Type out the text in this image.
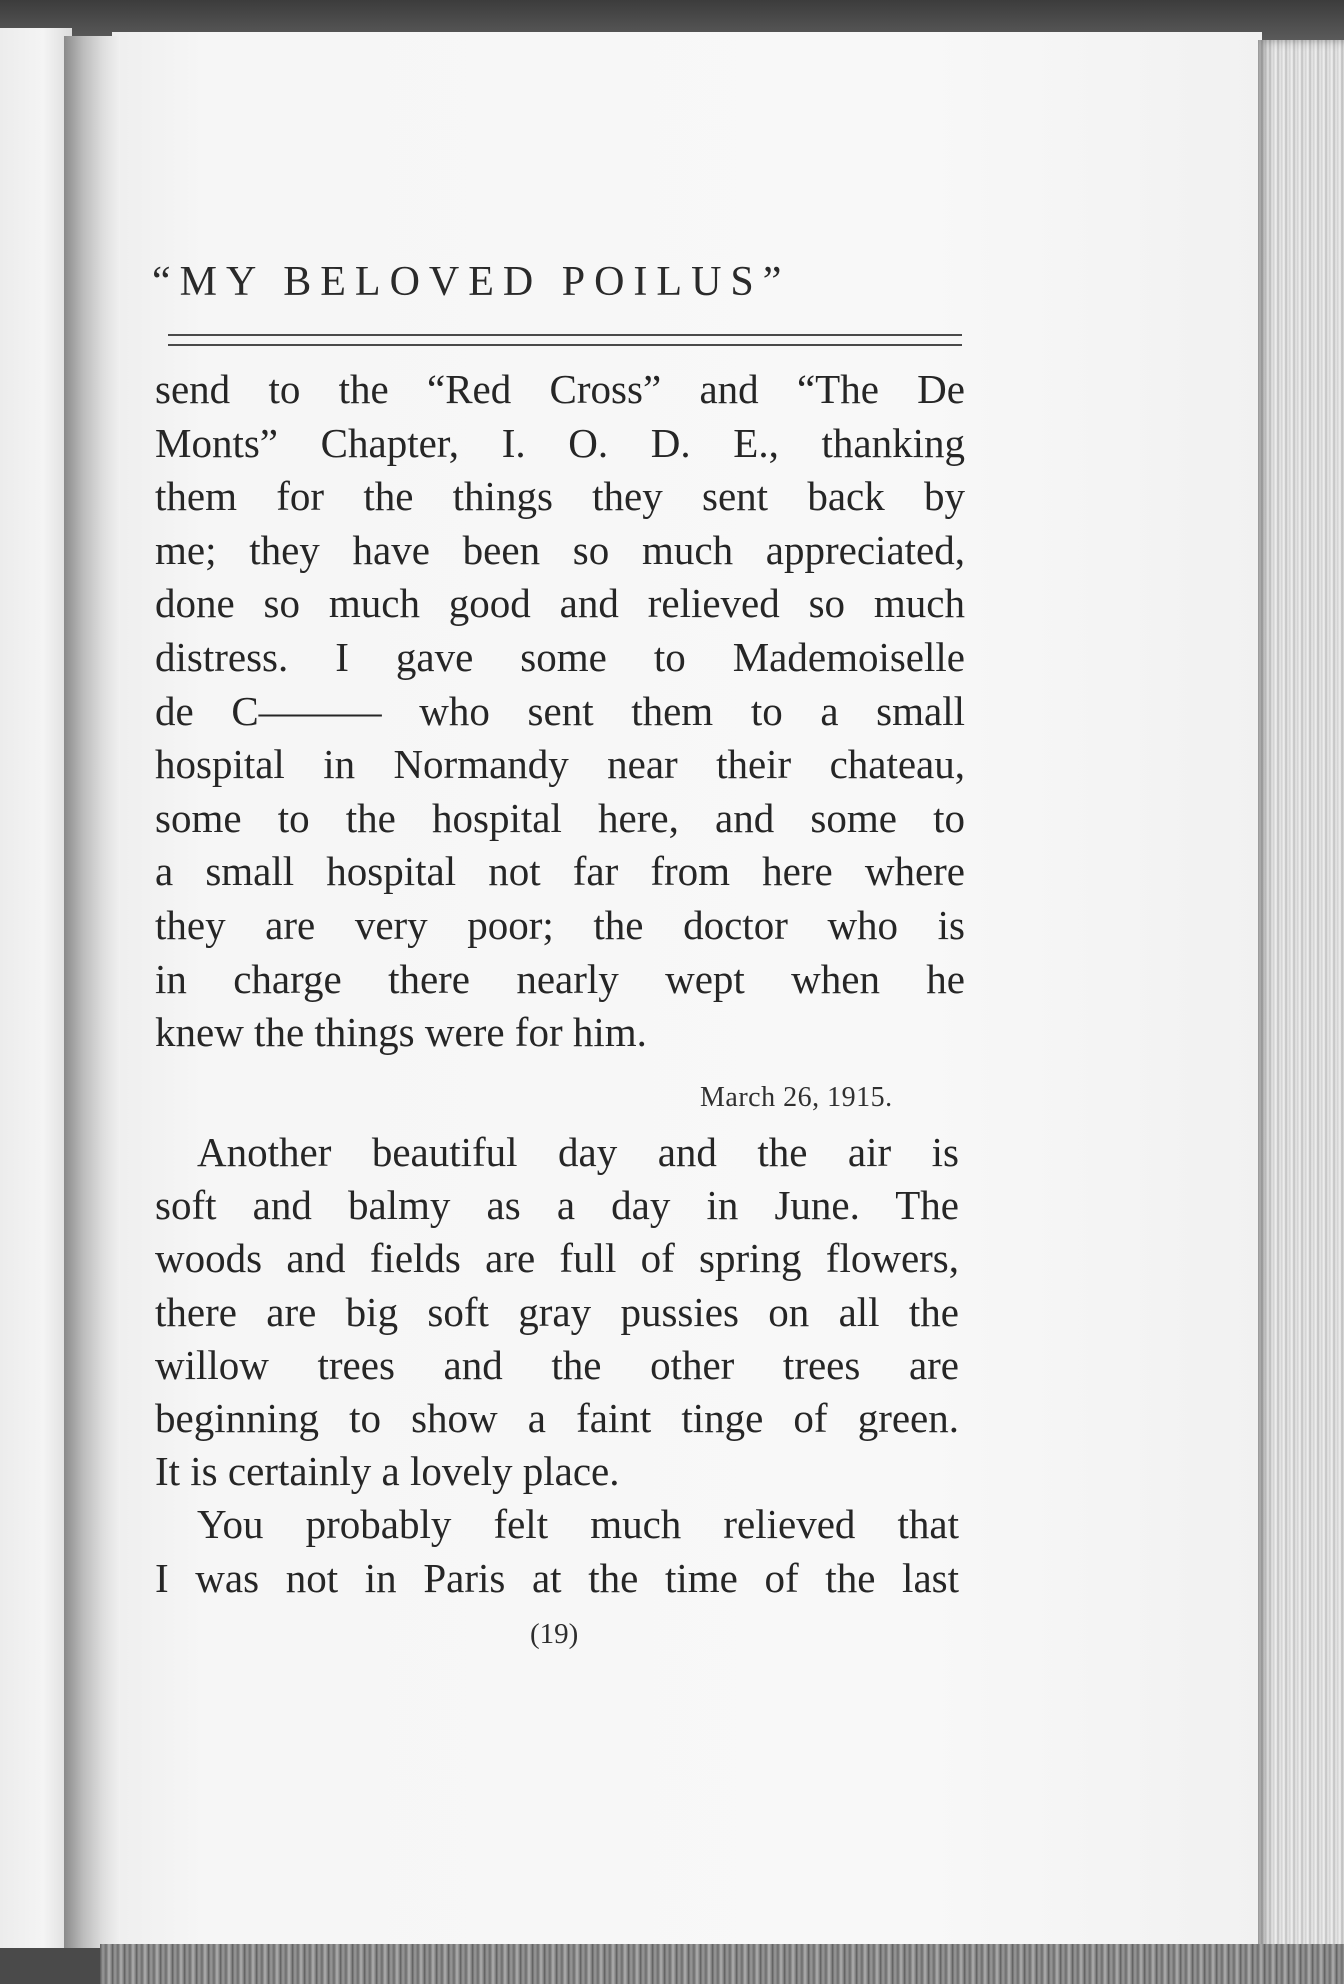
“MY BELOVED POILUS”
send to the “Red Cross” and “The De
Monts” Chapter, I. O. D. E., thanking
them for the things they sent back by
me; they have been so much appreciated,
done so much good and relieved so much
distress. I gave some to Mademoiselle
de C——— who sent them to a small
hospital in Normandy near their chateau,
some to the hospital here, and some to
a small hospital not far from here where
they are very poor; the doctor who is
in charge there nearly wept when he
knew the things were for him.
March 26, 1915.
Another beautiful day and the air is
soft and balmy as a day in June. The
woods and fields are full of spring flowers,
there are big soft gray pussies on all the
willow trees and the other trees are
beginning to show a faint tinge of green.
It is certainly a lovely place.
You probably felt much relieved that
I was not in Paris at the time of the last
(19)
